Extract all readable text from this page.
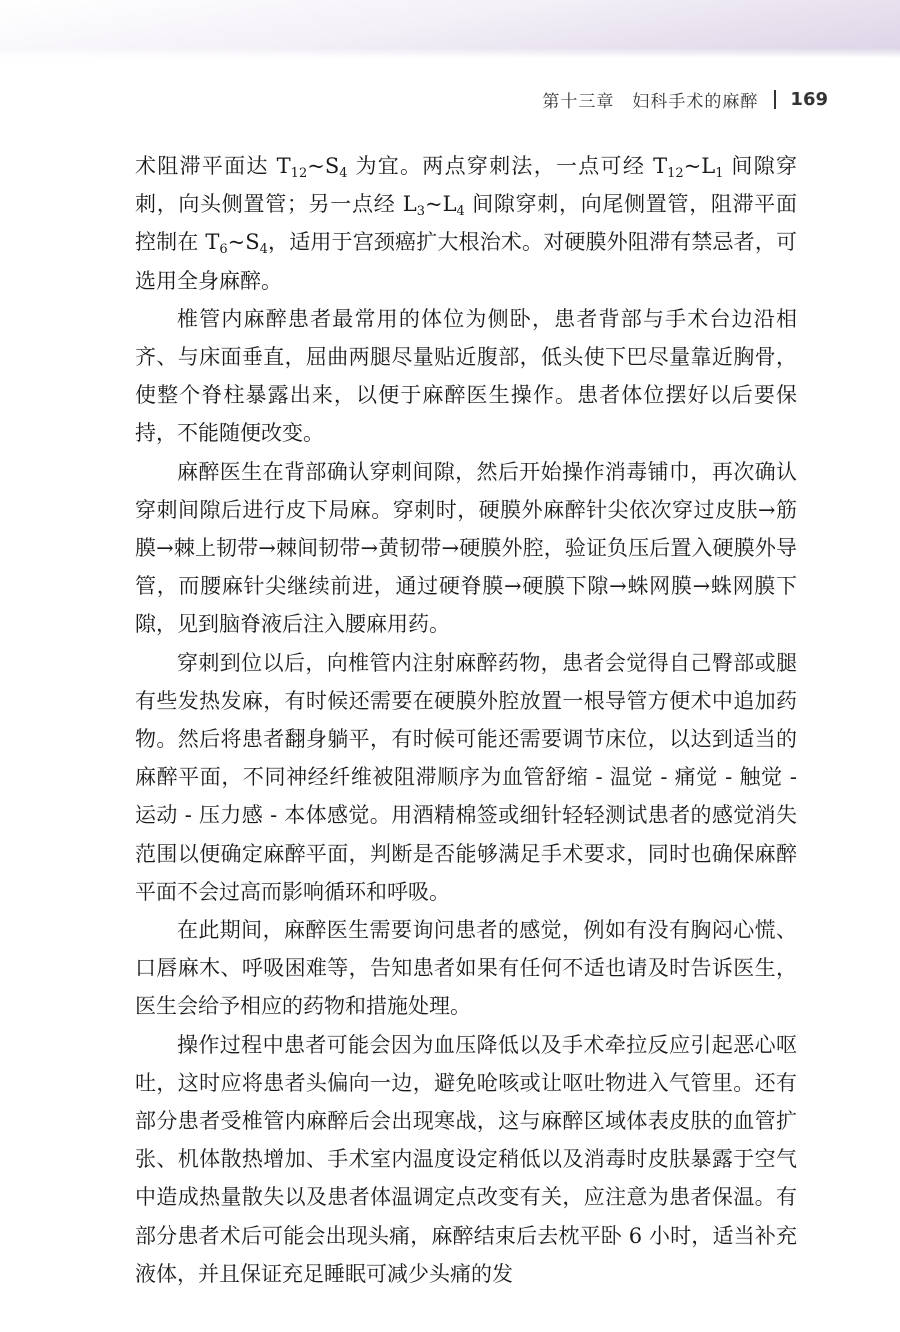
第十三章　妇科手术的麻醉 169

术阻滞平面达 $T_{12}\sim S_4$ 为宜。两点穿刺法，一点可经 $T_{12}\sim L_1$ 间隙穿刺，向头侧置管；另一点经 $L_3\sim L_4$ 间隙穿刺，向尾侧置管，阻滞平面控制在 $T_6\sim S_4$，适用于宫颈癌扩大根治术。对硬膜外阻滞有禁忌者，可选用全身麻醉。

椎管内麻醉患者最常用的体位为侧卧，患者背部与手术台边沿相齐、与床面垂直，屈曲两腿尽量贴近腹部，低头使下巴尽量靠近胸骨，使整个脊柱暴露出来，以便于麻醉医生操作。患者体位摆好以后要保持，不能随便改变。

麻醉医生在背部确认穿刺间隙，然后开始操作消毒铺巾，再次确认穿刺间隙后进行皮下局麻。穿刺时，硬膜外麻醉针尖依次穿过皮肤→筋膜→棘上韧带→棘间韧带→黄韧带→硬膜外腔，验证负压后置入硬膜外导管，而腰麻针尖继续前进，通过硬脊膜→硬膜下隙→蛛网膜→蛛网膜下隙，见到脑脊液后注入腰麻用药。

穿刺到位以后，向椎管内注射麻醉药物，患者会觉得自己臀部或腿有些发热发麻，有时候还需要在硬膜外腔放置一根导管方便术中追加药物。然后将患者翻身躺平，有时候可能还需要调节床位，以达到适当的麻醉平面，不同神经纤维被阻滞顺序为血管舒缩 - 温觉 - 痛觉 - 触觉 - 运动 - 压力感 - 本体感觉。用酒精棉签或细针轻轻测试患者的感觉消失范围以便确定麻醉平面，判断是否能够满足手术要求，同时也确保麻醉平面不会过高而影响循环和呼吸。

在此期间，麻醉医生需要询问患者的感觉，例如有没有胸闷心慌、口唇麻木、呼吸困难等，告知患者如果有任何不适也请及时告诉医生，医生会给予相应的药物和措施处理。

操作过程中患者可能会因为血压降低以及手术牵拉反应引起恶心呕吐，这时应将患者头偏向一边，避免呛咳或让呕吐物进入气管里。还有部分患者受椎管内麻醉后会出现寒战，这与麻醉区域体表皮肤的血管扩张、机体散热增加、手术室内温度设定稍低以及消毒时皮肤暴露于空气中造成热量散失以及患者体温调定点改变有关，应注意为患者保温。有部分患者术后可能会出现头痛，麻醉结束后去枕平卧 6 小时，适当补充液体，并且保证充足睡眠可减少头痛的发
